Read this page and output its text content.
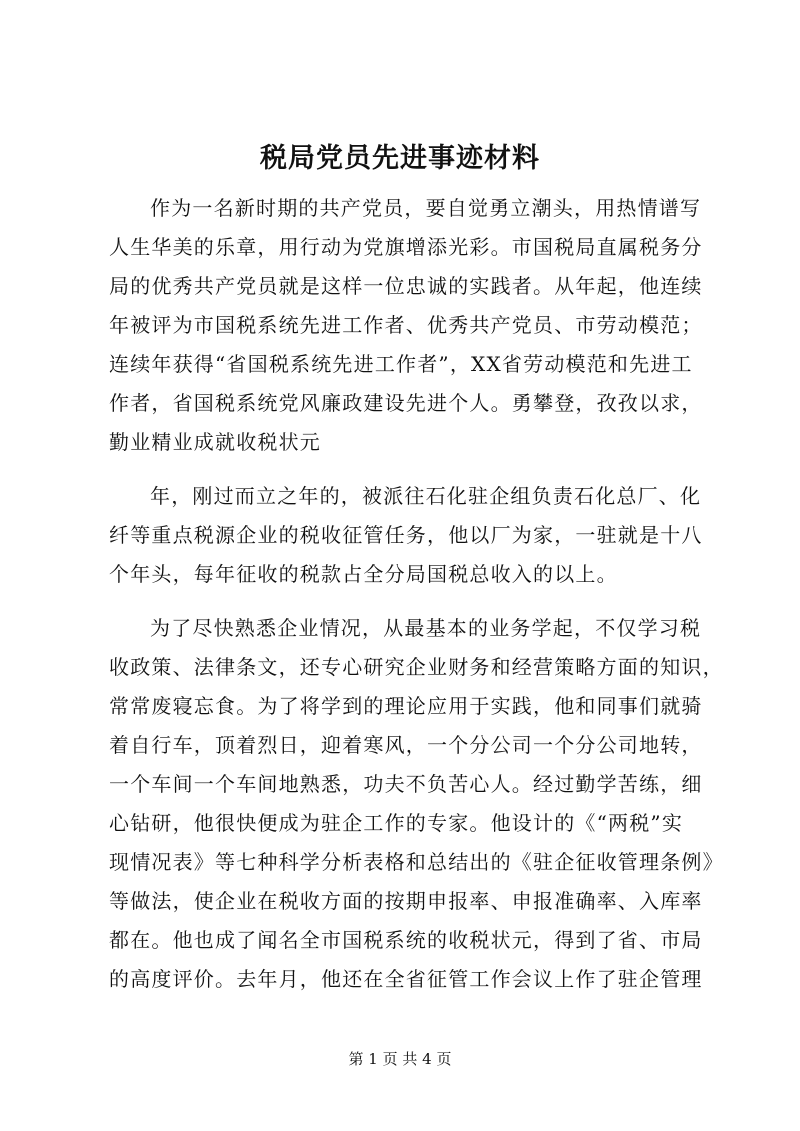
税局党员先进事迹材料
作为一名新时期的共产党员，要自觉勇立潮头，用热情谱写
人生华美的乐章，用行动为党旗增添光彩。市国税局直属税务分
局的优秀共产党员就是这样一位忠诚的实践者。从年起，他连续
年被评为市国税系统先进工作者、优秀共产党员、市劳动模范；
连续年获得“省国税系统先进工作者”，XX省劳动模范和先进工
作者，省国税系统党风廉政建设先进个人。勇攀登，孜孜以求，
勤业精业成就收税状元
年，刚过而立之年的，被派往石化驻企组负责石化总厂、化
纤等重点税源企业的税收征管任务，他以厂为家，一驻就是十八
个年头，每年征收的税款占全分局国税总收入的以上。
为了尽快熟悉企业情况，从最基本的业务学起，不仅学习税
收政策、法律条文，还专心研究企业财务和经营策略方面的知识，
常常废寝忘食。为了将学到的理论应用于实践，他和同事们就骑
着自行车，顶着烈日，迎着寒风，一个分公司一个分公司地转，
一个车间一个车间地熟悉，功夫不负苦心人。经过勤学苦练，细
心钻研，他很快便成为驻企工作的专家。他设计的《“两税”实
现情况表》等七种科学分析表格和总结出的《驻企征收管理条例》
等做法，使企业在税收方面的按期申报率、申报准确率、入库率
都在。他也成了闻名全市国税系统的收税状元，得到了省、市局
的高度评价。去年月，他还在全省征管工作会议上作了驻企管理
第 1 页 共 4 页
